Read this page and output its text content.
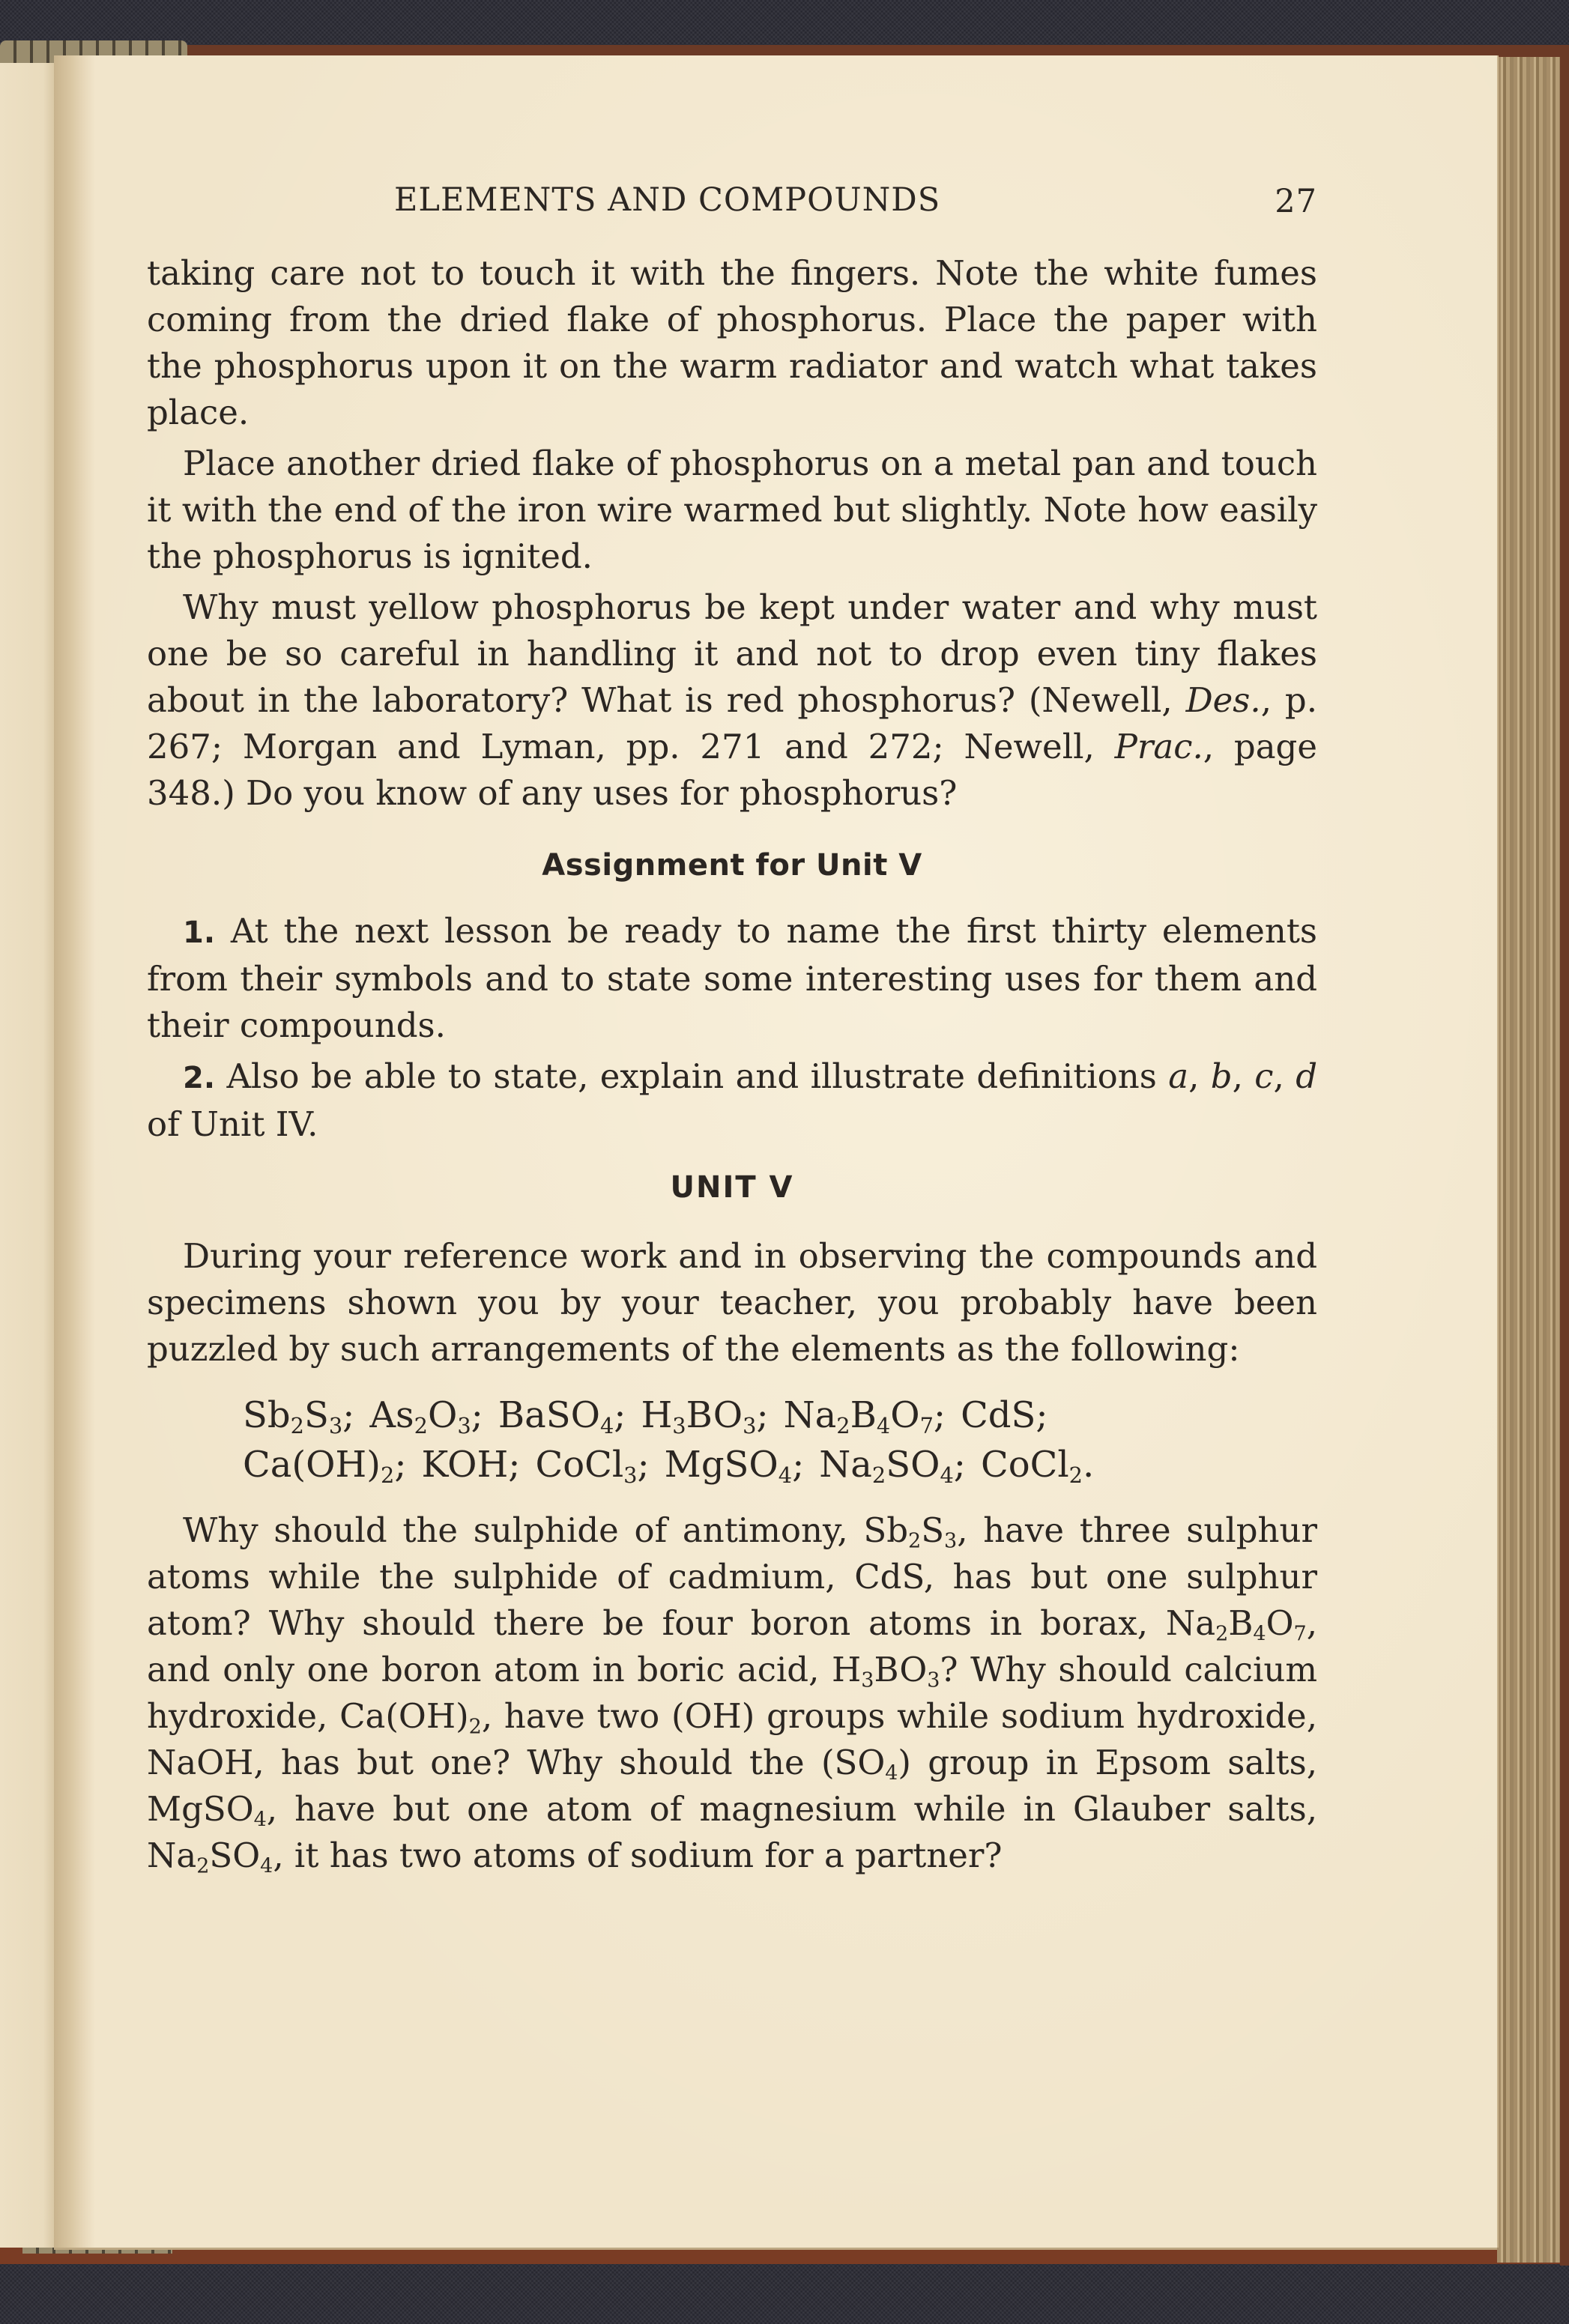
ELEMENTS AND COMPOUNDS	27

taking care not to touch it with the fingers. Note the white fumes coming from the dried flake of phosphorus. Place the paper with the phosphorus upon it on the warm radiator and watch what takes place.

Place another dried flake of phosphorus on a metal pan and touch it with the end of the iron wire warmed but slightly. Note how easily the phosphorus is ignited.

Why must yellow phosphorus be kept under water and why must one be so careful in handling it and not to drop even tiny flakes about in the laboratory? What is red phosphorus? (Newell, Des., p. 267; Morgan and Lyman, pp. 271 and 272; Newell, Prac., page 348.) Do you know of any uses for phosphorus?

Assignment for Unit V

1. At the next lesson be ready to name the first thirty elements from their symbols and to state some interesting uses for them and their compounds.

2. Also be able to state, explain and illustrate definitions a, b, c, d of Unit IV.

UNIT V

During your reference work and in observing the compounds and specimens shown you by your teacher, you probably have been puzzled by such arrangements of the elements as the following:

$Sb_2S_3$; $As_2O_3$; BaSO$_4$; $H_3BO_3$; $Na_2B_4O_7$; CdS;
$Ca(OH)_2$; KOH; CoCl$_3$; MgSO$_4$; $Na_2SO_4$; CoCl$_2$.

Why should the sulphide of antimony, $Sb_2S_3$, have three sulphur atoms while the sulphide of cadmium, CdS, has but one sulphur atom? Why should there be four boron atoms in borax, $Na_2B_4O_7$, and only one boron atom in boric acid, $H_3BO_3$? Why should calcium hydroxide, $Ca(OH)_2$, have two (OH) groups while sodium hydroxide, NaOH, has but one? Why should the $(SO_4)$ group in Epsom salts, MgSO$_4$, have but one atom of magnesium while in Glauber salts, $Na_2SO_4$, it has two atoms of sodium for a partner?
